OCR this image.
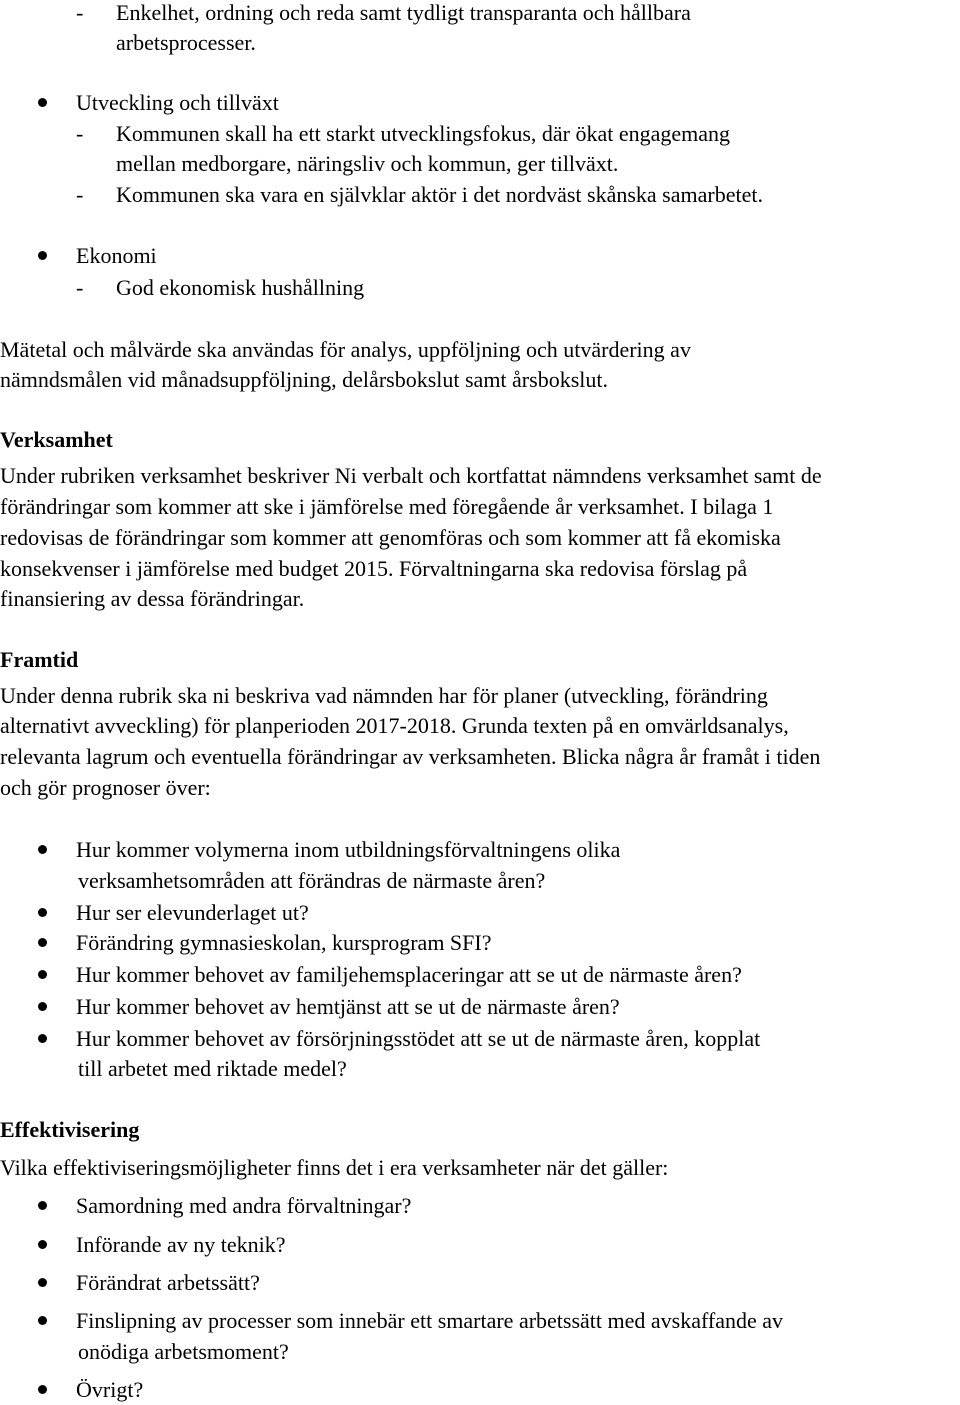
- Enkelhet, ordning och reda samt tydligt transparanta och hållbara
arbetsprocesser.
Utveckling och tillväxt
- Kommunen skall ha ett starkt utvecklingsfokus, där ökat engagemang
mellan medborgare, näringsliv och kommun, ger tillväxt.
- Kommunen ska vara en självklar aktör i det nordväst skånska samarbetet.
Ekonomi
- God ekonomisk hushållning
Mätetal och målvärde ska användas för analys, uppföljning och utvärdering av
nämndsmålen vid månadsuppföljning, delårsbokslut samt årsbokslut.
Verksamhet
Under rubriken verksamhet beskriver Ni verbalt och kortfattat nämndens verksamhet samt de
förändringar som kommer att ske i jämförelse med föregående år verksamhet. I bilaga 1
redovisas de förändringar som kommer att genomföras och som kommer att få ekomiska
konsekvenser i jämförelse med budget 2015. Förvaltningarna ska redovisa förslag på
finansiering av dessa förändringar.
Framtid
Under denna rubrik ska ni beskriva vad nämnden har för planer (utveckling, förändring
alternativt avveckling) för planperioden 2017-2018. Grunda texten på en omvärldsanalys,
relevanta lagrum och eventuella förändringar av verksamheten. Blicka några år framåt i tiden
och gör prognoser över:
Hur kommer volymerna inom utbildningsförvaltningens olika
verksamhetsområden att förändras de närmaste åren?
Hur ser elevunderlaget ut?
Förändring gymnasieskolan, kursprogram SFI?
Hur kommer behovet av familjehemsplaceringar att se ut de närmaste åren?
Hur kommer behovet av hemtjänst att se ut de närmaste åren?
Hur kommer behovet av försörjningsstödet att se ut de närmaste åren, kopplat
till arbetet med riktade medel?
Effektivisering
Vilka effektiviseringsmöjligheter finns det i era verksamheter när det gäller:
Samordning med andra förvaltningar?
Införande av ny teknik?
Förändrat arbetssätt?
Finslipning av processer som innebär ett smartare arbetssätt med avskaffande av
onödiga arbetsmoment?
Övrigt?
